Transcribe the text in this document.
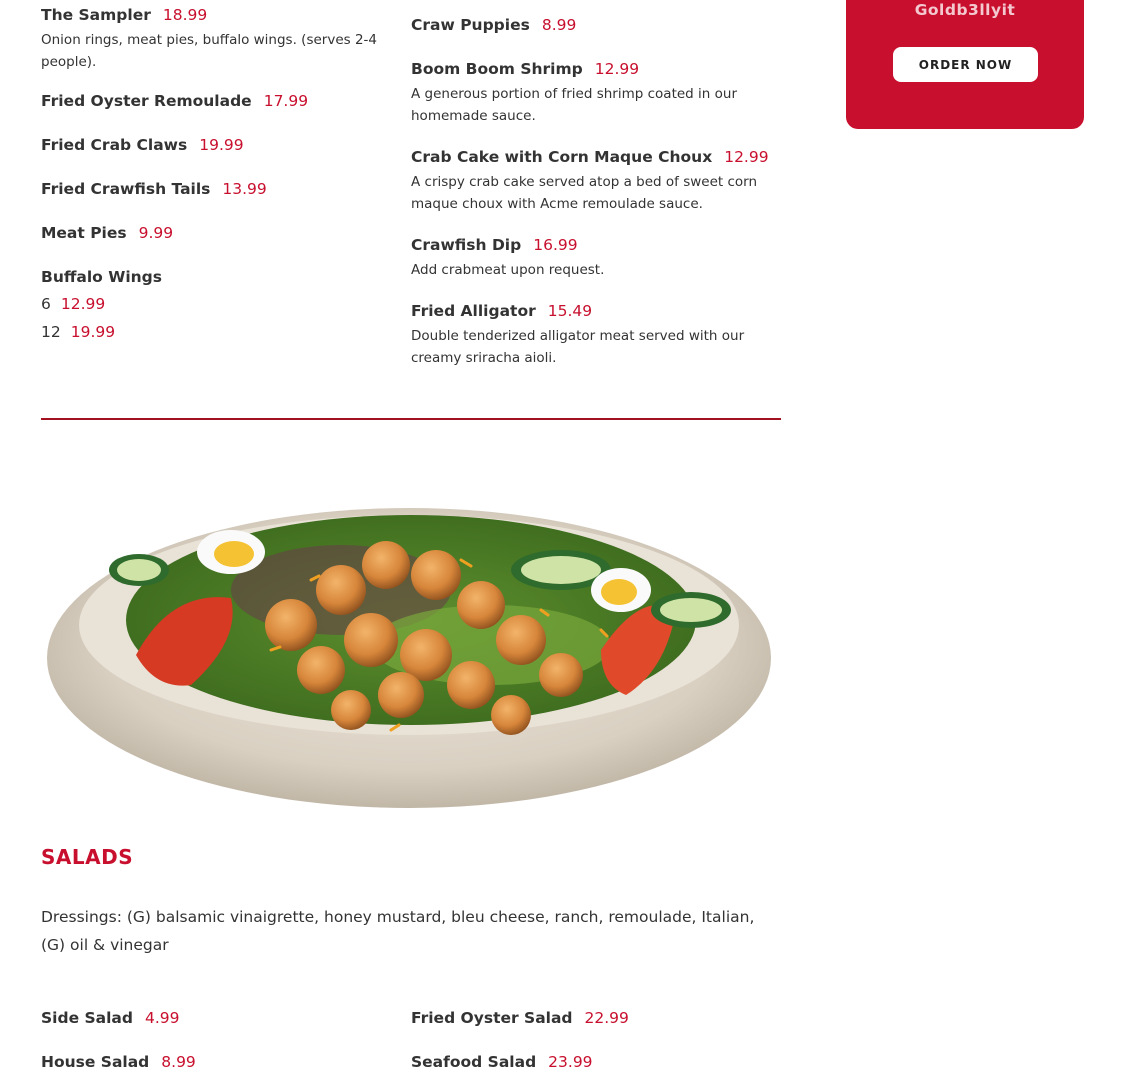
Goldb3llyit
ORDER NOW
The Sampler 18.99
Onion rings, meat pies, buffalo wings. (serves 2-4 people).
Fried Oyster Remoulade 17.99
Fried Crab Claws 19.99
Fried Crawfish Tails 13.99
Meat Pies 9.99
Buffalo Wings
6 12.99
12 19.99
Craw Puppies 8.99
Boom Boom Shrimp 12.99
A generous portion of fried shrimp coated in our homemade sauce.
Crab Cake with Corn Maque Choux 12.99
A crispy crab cake served atop a bed of sweet corn maque choux with Acme remoulade sauce.
Crawfish Dip 16.99
Add crabmeat upon request.
Fried Alligator 15.49
Double tenderized alligator meat served with our creamy sriracha aioli.
SALADS
Dressings: (G) balsamic vinaigrette, honey mustard, bleu cheese, ranch, remoulade, Italian, (G) oil & vinegar
Side Salad 4.99
House Salad 8.99
Fried Oyster Salad 22.99
Seafood Salad 23.99
